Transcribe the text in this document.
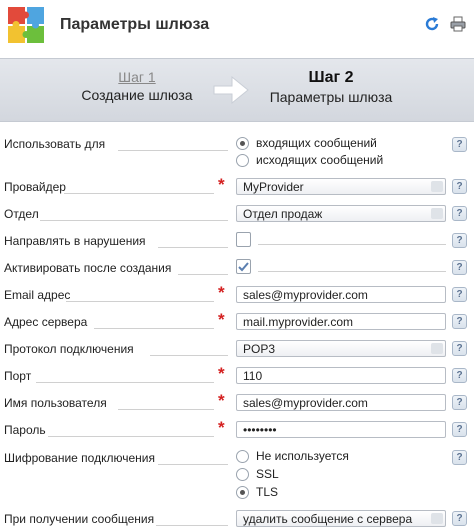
Параметры шлюза
Шаг 1
Создание шлюза
Шаг 2
Параметры шлюза
Использовать для	входящих сообщений
исходящих сообщений
?
Провайдер	*	MyProvider	?
Отдел	Отдел продаж	?
Направлять в нарушения	?
Активировать после создания	?
Email адрес	*	sales@myprovider.com	?
Адрес сервера	*	mail.myprovider.com	?
Протокол подключения	POP3	?
Порт	*	110	?
Имя пользователя	*	sales@myprovider.com	?
Пароль	*	••••••••	?
Шифрование подключения	Не используется
SSL
TLS
?
При получении сообщения	удалить сообщение с сервера	?
